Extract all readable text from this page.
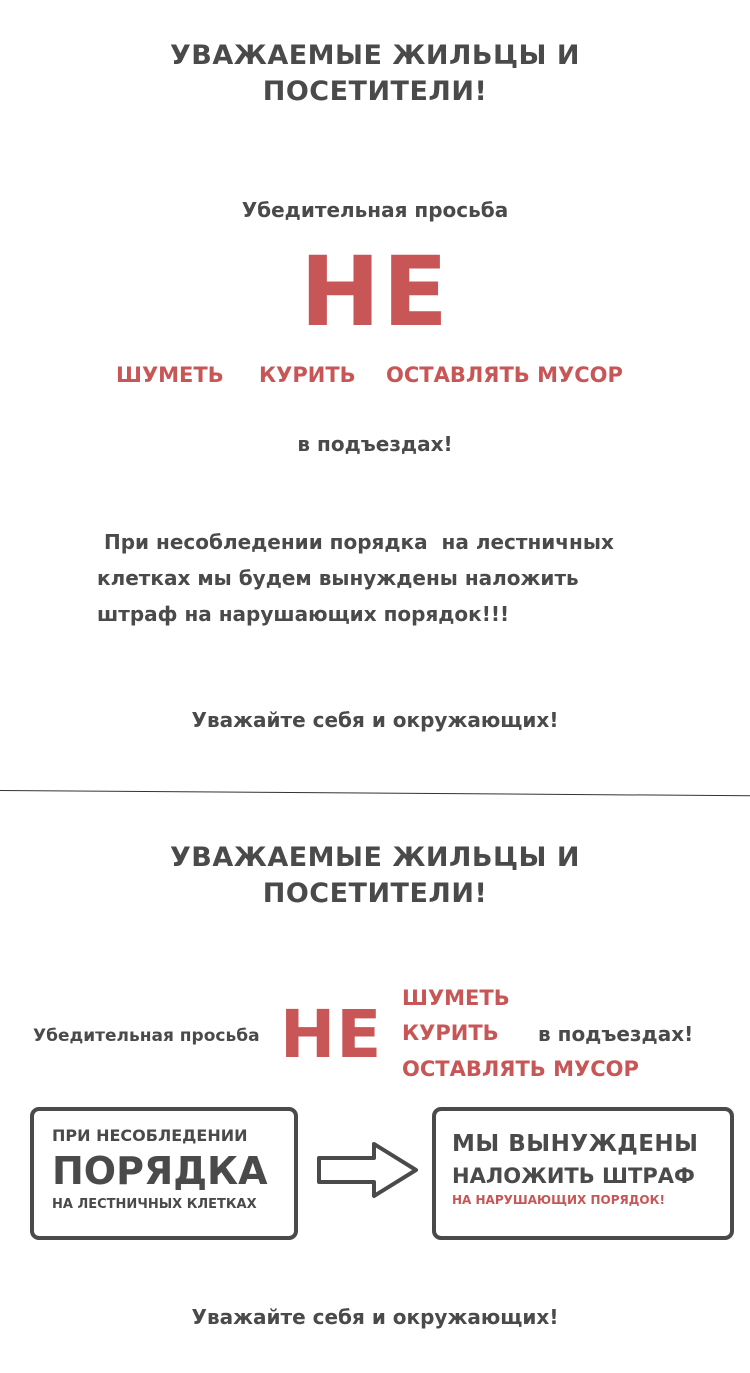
УВАЖАЕМЫЕ ЖИЛЬЦЫ И
ПОСЕТИТЕЛИ!
Убедительная просьба
НЕ
ШУМЕТЬ КУРИТЬ ОСТАВЛЯТЬ МУСОР
в подъездах!
При несобледении порядка  на лестничных
клетках мы будем вынуждены наложить
штраф на нарушающих порядок!!!
Уважайте себя и окружающих!
УВАЖАЕМЫЕ ЖИЛЬЦЫ И
ПОСЕТИТЕЛИ!
Убедительная просьба НЕ ШУМЕТЬ
КУРИТЬ
ОСТАВЛЯТЬ МУСОР
в подъездах!
ПРИ НЕСОБЛЕДЕНИИ
ПОРЯДКА
НА ЛЕСТНИЧНЫХ КЛЕТКАХ
МЫ ВЫНУЖДЕНЫ
НАЛОЖИТЬ ШТРАФ
НА НАРУШАЮЩИХ ПОРЯДОК!
Уважайте себя и окружающих!
